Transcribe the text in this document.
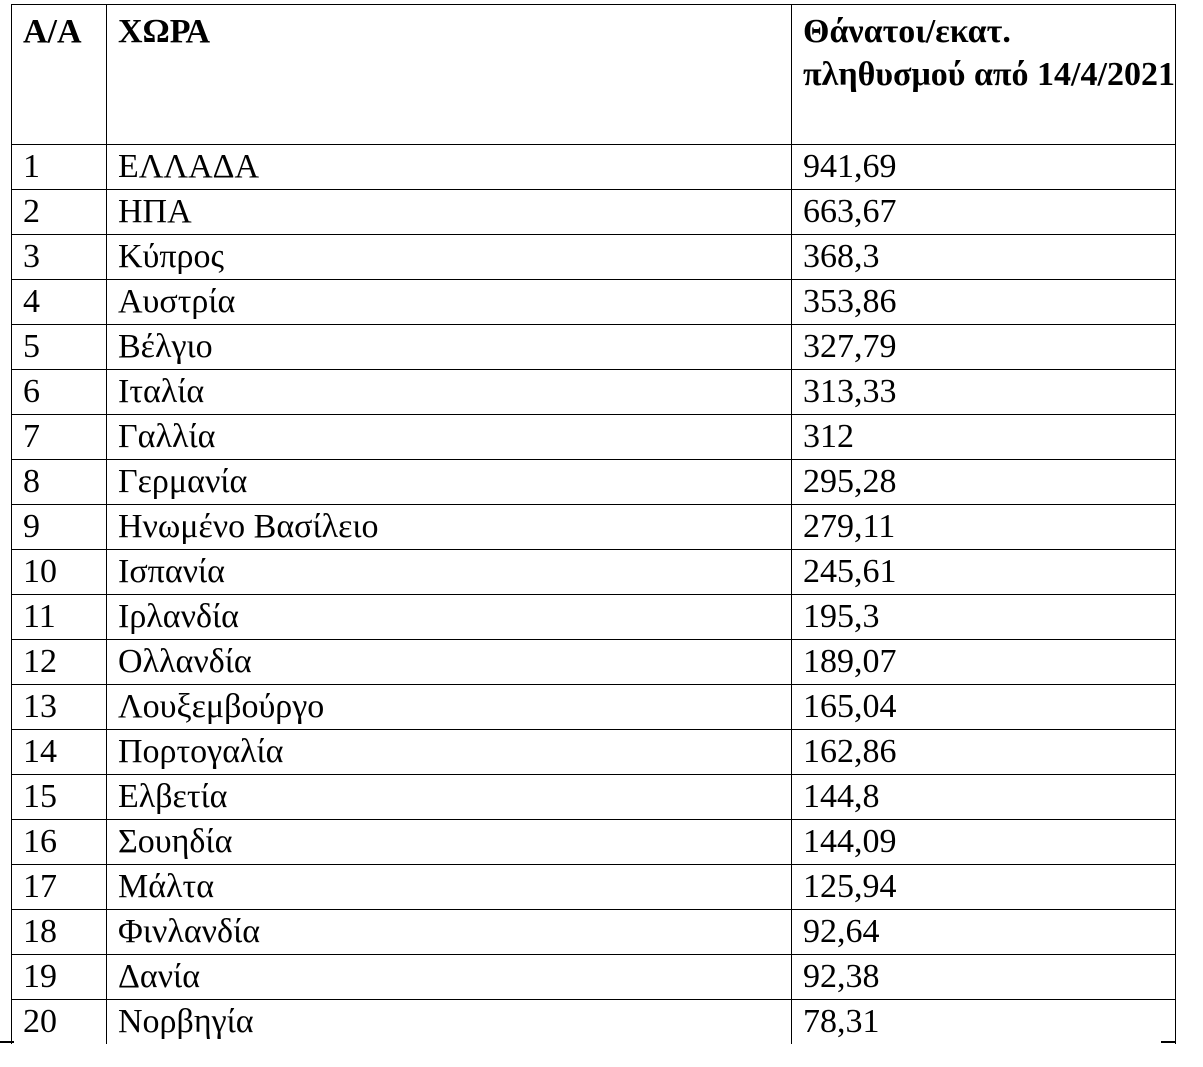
Α/Α	ΧΩΡΑ	Θάνατοι/εκατ. πληθυσμού από 14/4/2021
1	ΕΛΛΑΔΑ	941,69
2	ΗΠΑ	663,67
3	Κύπρος	368,3
4	Αυστρία	353,86
5	Βέλγιο	327,79
6	Ιταλία	313,33
7	Γαλλία	312
8	Γερμανία	295,28
9	Ηνωμένο Βασίλειο	279,11
10	Ισπανία	245,61
11	Ιρλανδία	195,3
12	Ολλανδία	189,07
13	Λουξεμβούργο	165,04
14	Πορτογαλία	162,86
15	Ελβετία	144,8
16	Σουηδία	144,09
17	Μάλτα	125,94
18	Φινλανδία	92,64
19	Δανία	92,38
20	Νορβηγία	78,31
